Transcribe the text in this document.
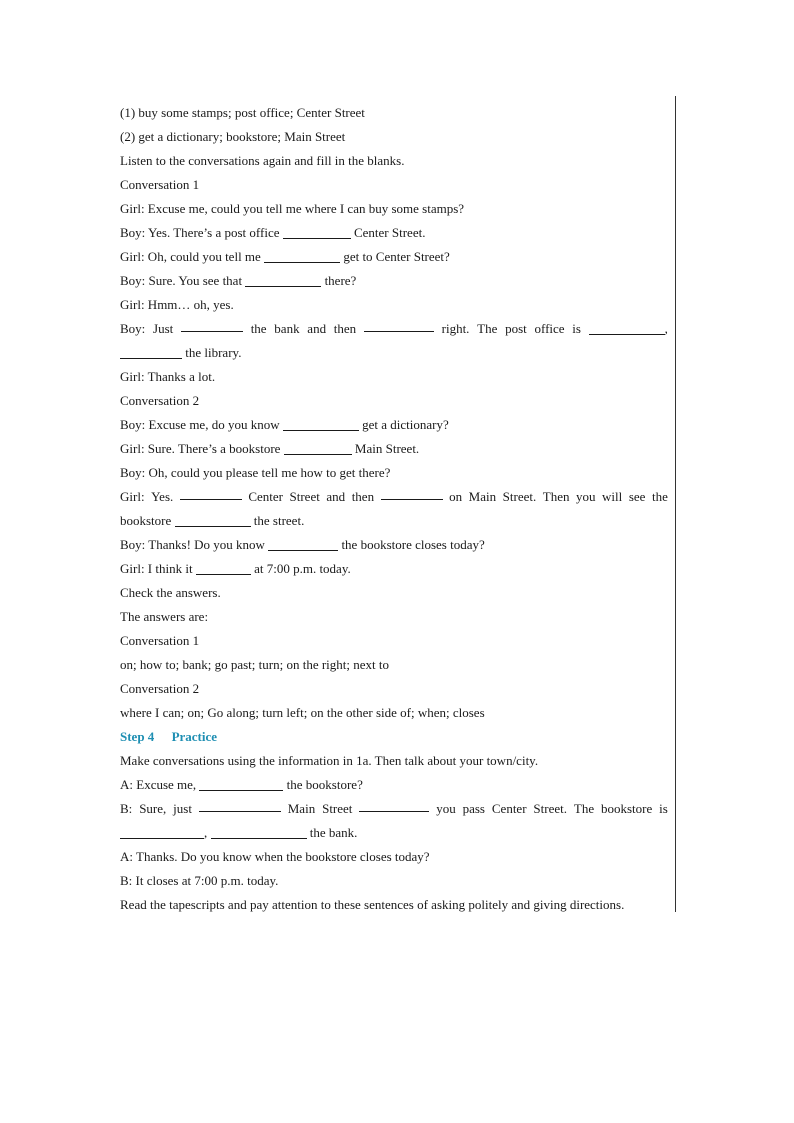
(1) buy some stamps; post office; Center Street
(2) get a dictionary; bookstore; Main Street
Listen to the conversations again and fill in the blanks.
Conversation 1
Girl: Excuse me, could you tell me where I can buy some stamps?
Boy: Yes. There’s a post office	Center Street.
Girl: Oh, could you tell me	get to Center Street?
Boy: Sure. You see that	there?
Girl: Hmm… oh, yes.
Boy: Just	the bank and then	right. The post office is	,
the library.
Girl: Thanks a lot.
Conversation 2
Boy: Excuse me, do you know	get a dictionary?
Girl: Sure. There’s a bookstore	Main Street.
Boy: Oh, could you please tell me how to get there?
Girl: Yes.	Center Street and then	on Main Street. Then you will see the
bookstore	the street.
Boy: Thanks! Do you know	the bookstore closes today?
Girl: I think it	at 7:00 p.m. today.
Check the answers.
The answers are:
Conversation 1
on; how to; bank; go past; turn; on the right; next to
Conversation 2
where I can; on; Go along; turn left; on the other side of; when; closes
Step 4 Practice
Make conversations using the information in 1a. Then talk about your town/city.
A: Excuse me,	the bookstore?
B: Sure, just	Main Street	you pass Center Street. The bookstore is
,	the bank.
A: Thanks. Do you know when the bookstore closes today?
B: It closes at 7:00 p.m. today.
Read the tapescripts and pay attention to these sentences of asking politely and giving directions.
